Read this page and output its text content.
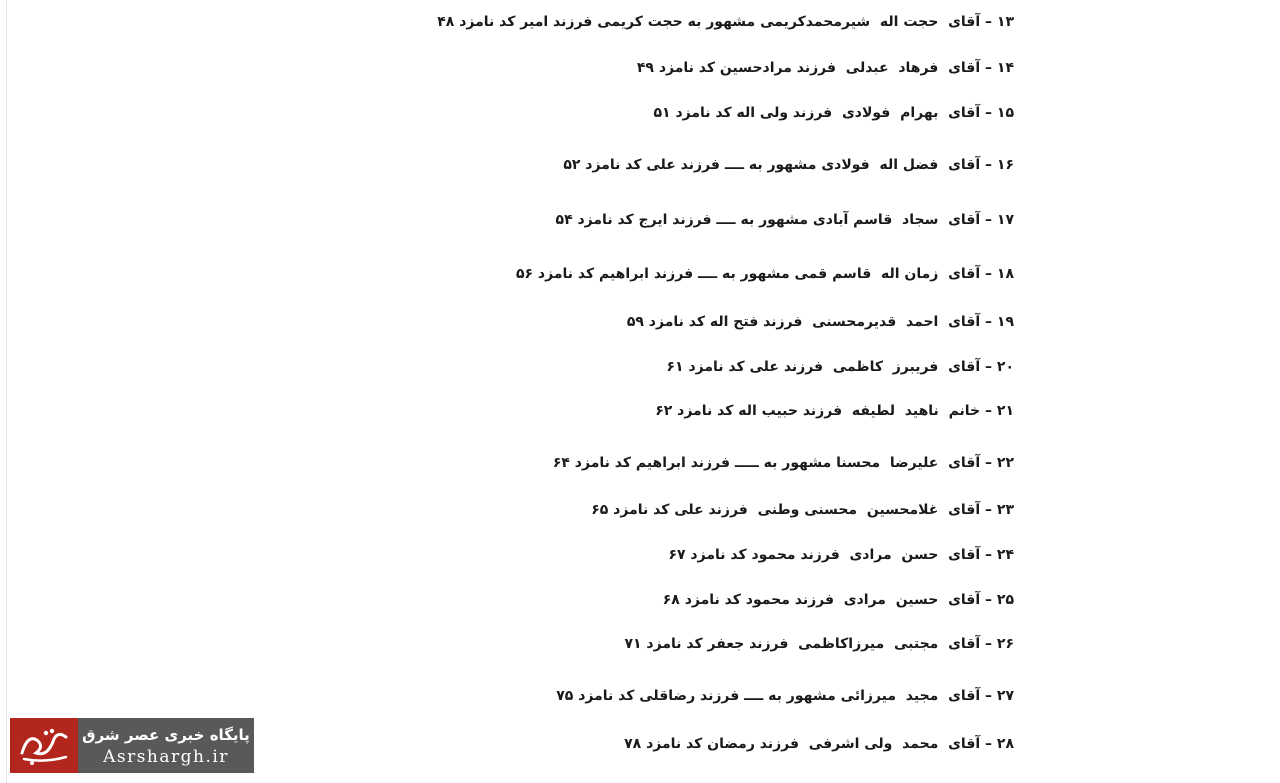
۱۳ – آقای  حجت اله  شیرمحمدکریمی مشهور به حجت کریمی فرزند امیر کد نامزد ۴۸
۱۴ – آقای  فرهاد  عبدلی  فرزند مرادحسین کد نامزد ۴۹
۱۵ – آقای  بهرام  فولادی  فرزند ولی اله کد نامزد ۵۱
۱۶ – آقای  فضل اله  فولادی مشهور به ــــ فرزند علی کد نامزد ۵۲
۱۷ – آقای  سجاد  قاسم آبادی مشهور به ــــ فرزند ایرج کد نامزد ۵۴
۱۸ – آقای  زمان اله  قاسم قمی مشهور به ــــ فرزند ابراهیم کد نامزد ۵۶
۱۹ – آقای  احمد  قدیرمحسنی  فرزند فتح اله کد نامزد ۵۹
۲۰ – آقای  فریبرز  کاظمی  فرزند علی کد نامزد ۶۱
۲۱ – خانم  ناهید  لطیفه  فرزند حبیب اله کد نامزد ۶۲
۲۲ – آقای  علیرضا  محسنا مشهور به ـــــ فرزند ابراهیم کد نامزد ۶۴
۲۳ – آقای  غلامحسین  محسنی وطنی  فرزند علی کد نامزد ۶۵
۲۴ – آقای  حسن  مرادی  فرزند محمود کد نامزد ۶۷
۲۵ – آقای  حسین  مرادی  فرزند محمود کد نامزد ۶۸
۲۶ – آقای  مجتبی  میرزاکاظمی  فرزند جعفر کد نامزد ۷۱
۲۷ – آقای  مجید  میرزائی مشهور به ــــ فرزند رضاقلی کد نامزد ۷۵
۲۸ – آقای  محمد  ولی اشرفی  فرزند رمضان کد نامزد ۷۸
پایگاه خبری عصر شرق
Asrshargh.ir
